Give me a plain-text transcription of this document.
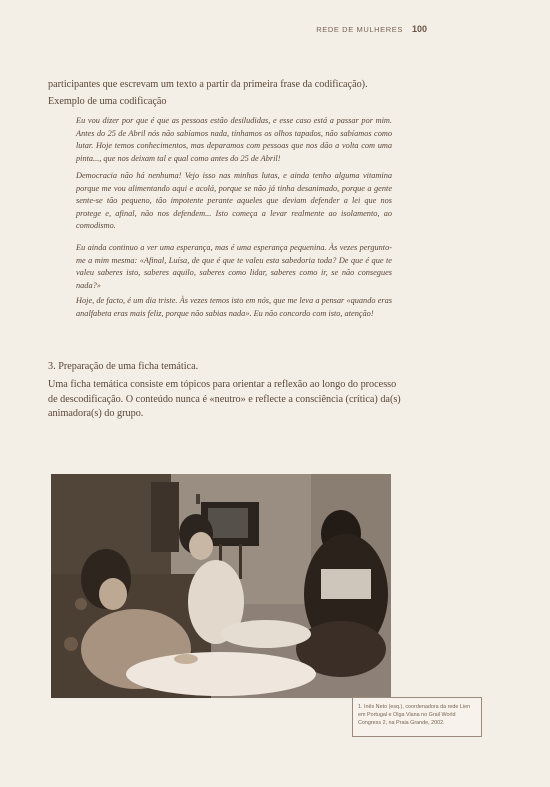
REDE DE MULHERES 100

participantes que escrevam um texto a partir da primeira frase da codificação).

Exemplo de uma codificação

Eu vou dizer por que é que as pessoas estão desiludidas, e esse caso está a passar por mim. Antes do 25 de Abril nós não sabíamos nada, tínhamos os olhos tapados, não sabíamos como lutar. Hoje temos conhecimentos, mas deparamos com pessoas que nos dão a volta com uma pinta..., que nos deixam tal e qual como antes do 25 de Abril!

Democracia não há nenhuma! Vejo isso nas minhas lutas, e ainda tenho alguma vitamina porque me vou alimentando aqui e acolá, porque se não já tinha desanimado, porque a gente sente-se tão pequeno, tão impotente perante aqueles que deviam defender a lei que nos protege e, afinal, não nos defendem... Isto começa a levar realmente ao isolamento, ao comodismo.

Eu ainda continuo a ver uma esperança, mas é uma esperança pequenina. Às vezes pergunto-me a mim mesma: «Afinal, Luísa, de que é que te valeu esta sabedoria toda? De que é que te valeu saberes isto, saberes aquilo, saberes como lidar, saberes como ir, se não consegues nada?»

Hoje, de facto, é um dia triste. Às vezes temos isto em nós, que me leva a pensar «quando eras analfabeta eras mais feliz, porque não sabias nada». Eu não concordo com isto, atenção!

3. Preparação de uma ficha temática.

Uma ficha temática consiste em tópicos para orientar a reflexão ao longo do processo de descodificação. O conteúdo nunca é «neutro» e reflecte a consciência (crítica) da(s) animadora(s) do grupo.

1. Inês Neto (esq.), coordenadora da rede Lien em Portugal e Olga Viana no Grail World Congress 2, na Praia Grande, 2002.
